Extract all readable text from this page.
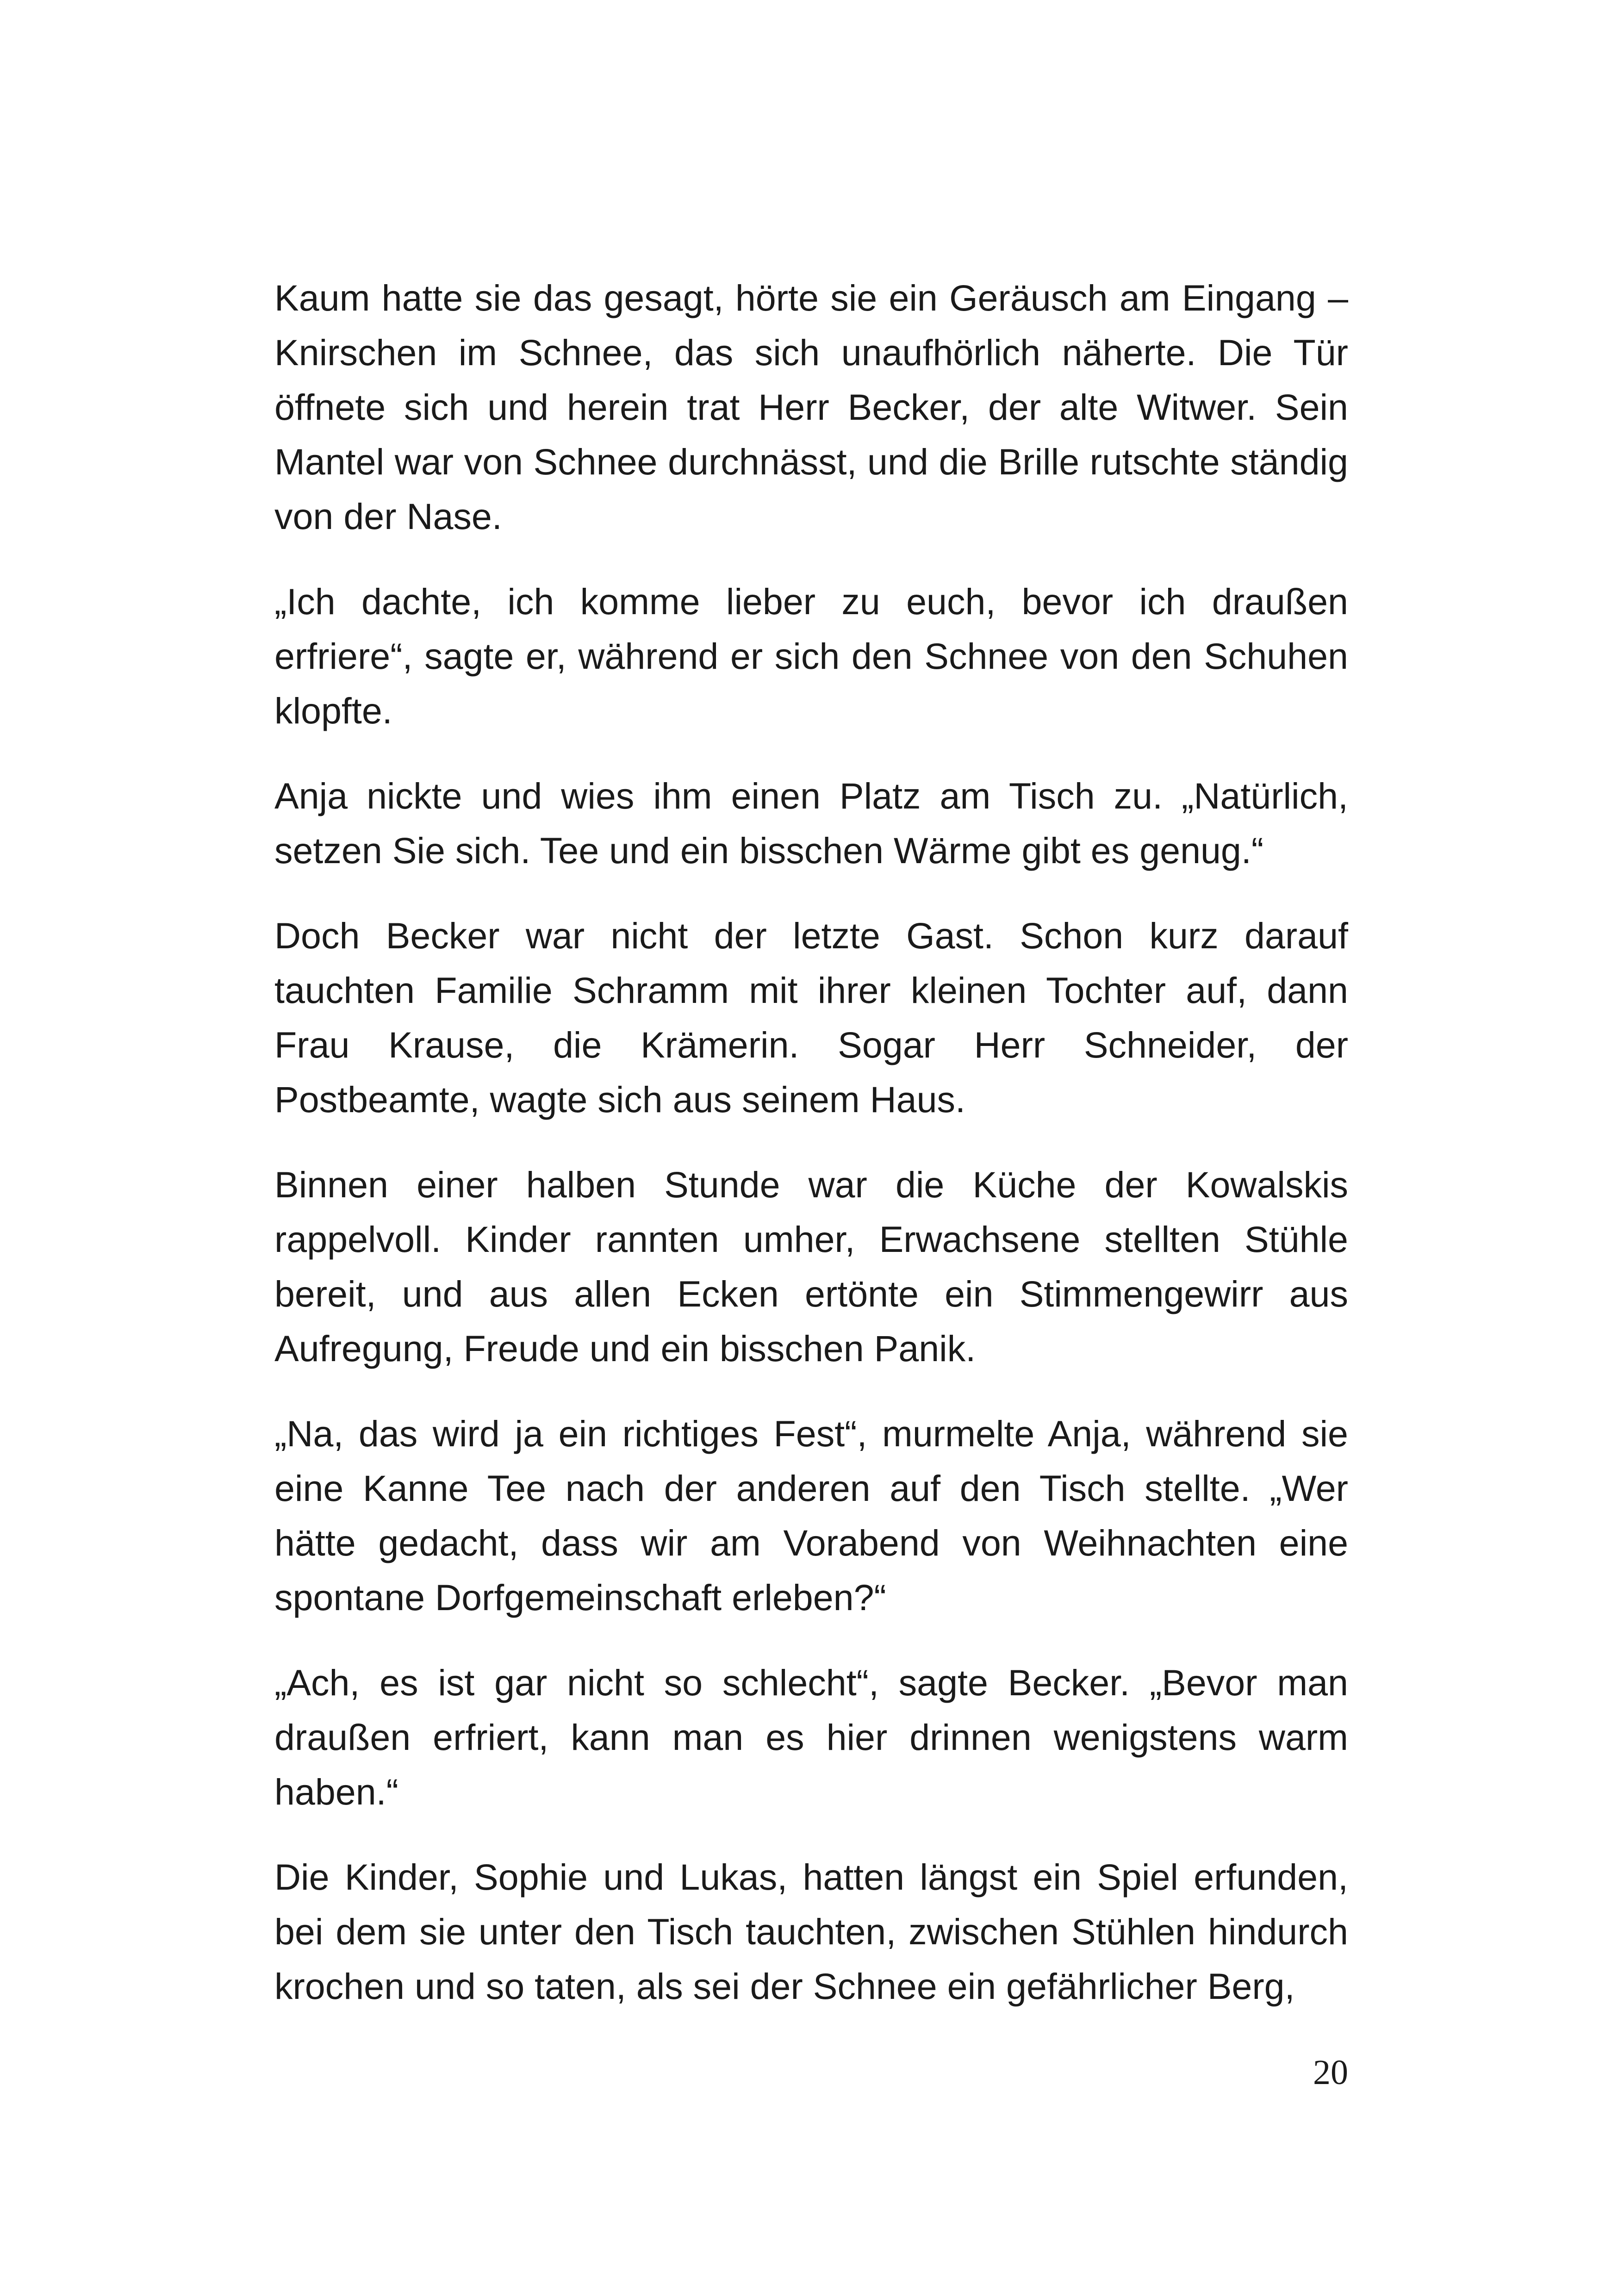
Kaum hatte sie das gesagt, hörte sie ein Geräusch am Eingang – Knirschen im Schnee, das sich unaufhörlich näherte. Die Tür öffnete sich und herein trat Herr Becker, der alte Witwer. Sein Mantel war von Schnee durchnässt, und die Brille rutschte ständig von der Nase.

„Ich dachte, ich komme lieber zu euch, bevor ich draußen erfriere“, sagte er, während er sich den Schnee von den Schuhen klopfte.

Anja nickte und wies ihm einen Platz am Tisch zu. „Natürlich, setzen Sie sich. Tee und ein bisschen Wärme gibt es genug.“

Doch Becker war nicht der letzte Gast. Schon kurz darauf tauchten Familie Schramm mit ihrer kleinen Tochter auf, dann Frau Krause, die Krämerin. Sogar Herr Schneider, der Postbeamte, wagte sich aus seinem Haus.

Binnen einer halben Stunde war die Küche der Kowalskis rappelvoll. Kinder rannten umher, Erwachsene stellten Stühle bereit, und aus allen Ecken ertönte ein Stimmengewirr aus Aufregung, Freude und ein bisschen Panik.

„Na, das wird ja ein richtiges Fest“, murmelte Anja, während sie eine Kanne Tee nach der anderen auf den Tisch stellte. „Wer hätte gedacht, dass wir am Vorabend von Weihnachten eine spontane Dorfgemeinschaft erleben?“

„Ach, es ist gar nicht so schlecht“, sagte Becker. „Bevor man draußen erfriert, kann man es hier drinnen wenigstens warm haben.“

Die Kinder, Sophie und Lukas, hatten längst ein Spiel erfunden, bei dem sie unter den Tisch tauchten, zwischen Stühlen hindurch krochen und so taten, als sei der Schnee ein gefährlicher Berg,

20
